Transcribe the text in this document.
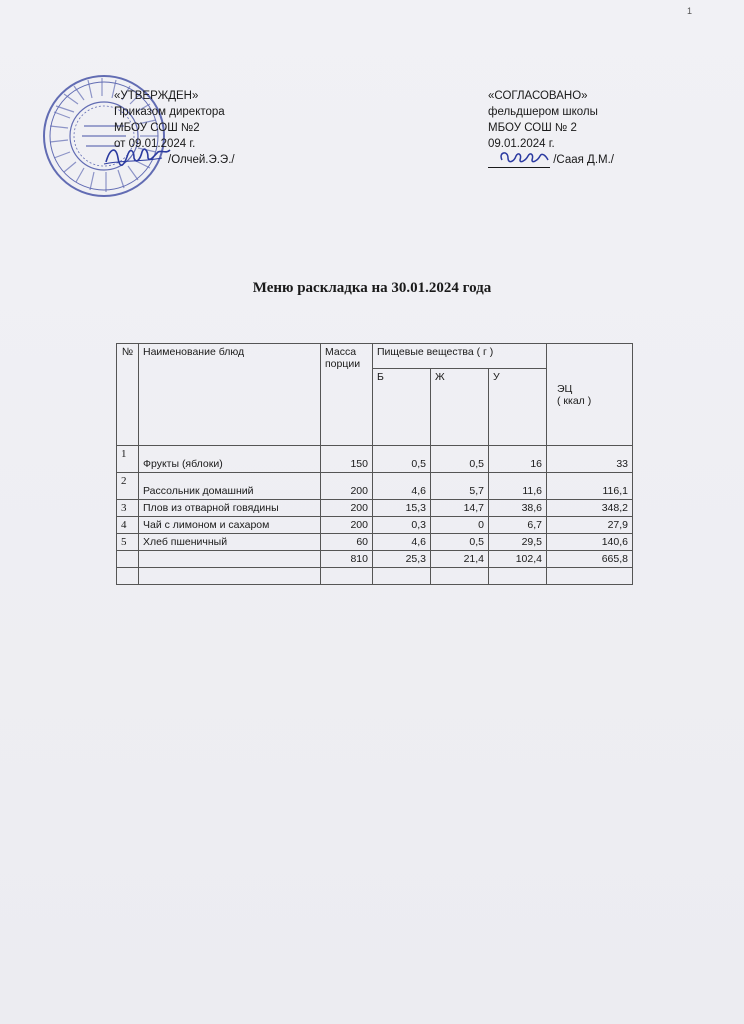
1
«УТВЕРЖДЕН»
Приказом директора
МБОУ СОШ №2
от 09.01.2024 г.
/Олчей.Э.Э./
«СОГЛАСОВАНО»
фельдшером школы
МБОУ СОШ № 2
09.01.2024 г.
/Саая Д.М./
Меню раскладка на 30.01.2024 года
№	Наименование блюд	Масса порции	Пищевые вещества ( г )			ЭЦ
( ккал )

			Б	Ж	У	
1	Фрукты (яблоки)	150	0,5	0,5	16	33
2	Рассольник домашний	200	4,6	5,7	11,6	116,1
3	Плов из отварной говядины	200	15,3	14,7	38,6	348,2
4	Чай с лимоном и сахаром	200	0,3	0	6,7	27,9
5	Хлеб пшеничный	60	4,6	0,5	29,5	140,6
		810	25,3	21,4	102,4	665,8
